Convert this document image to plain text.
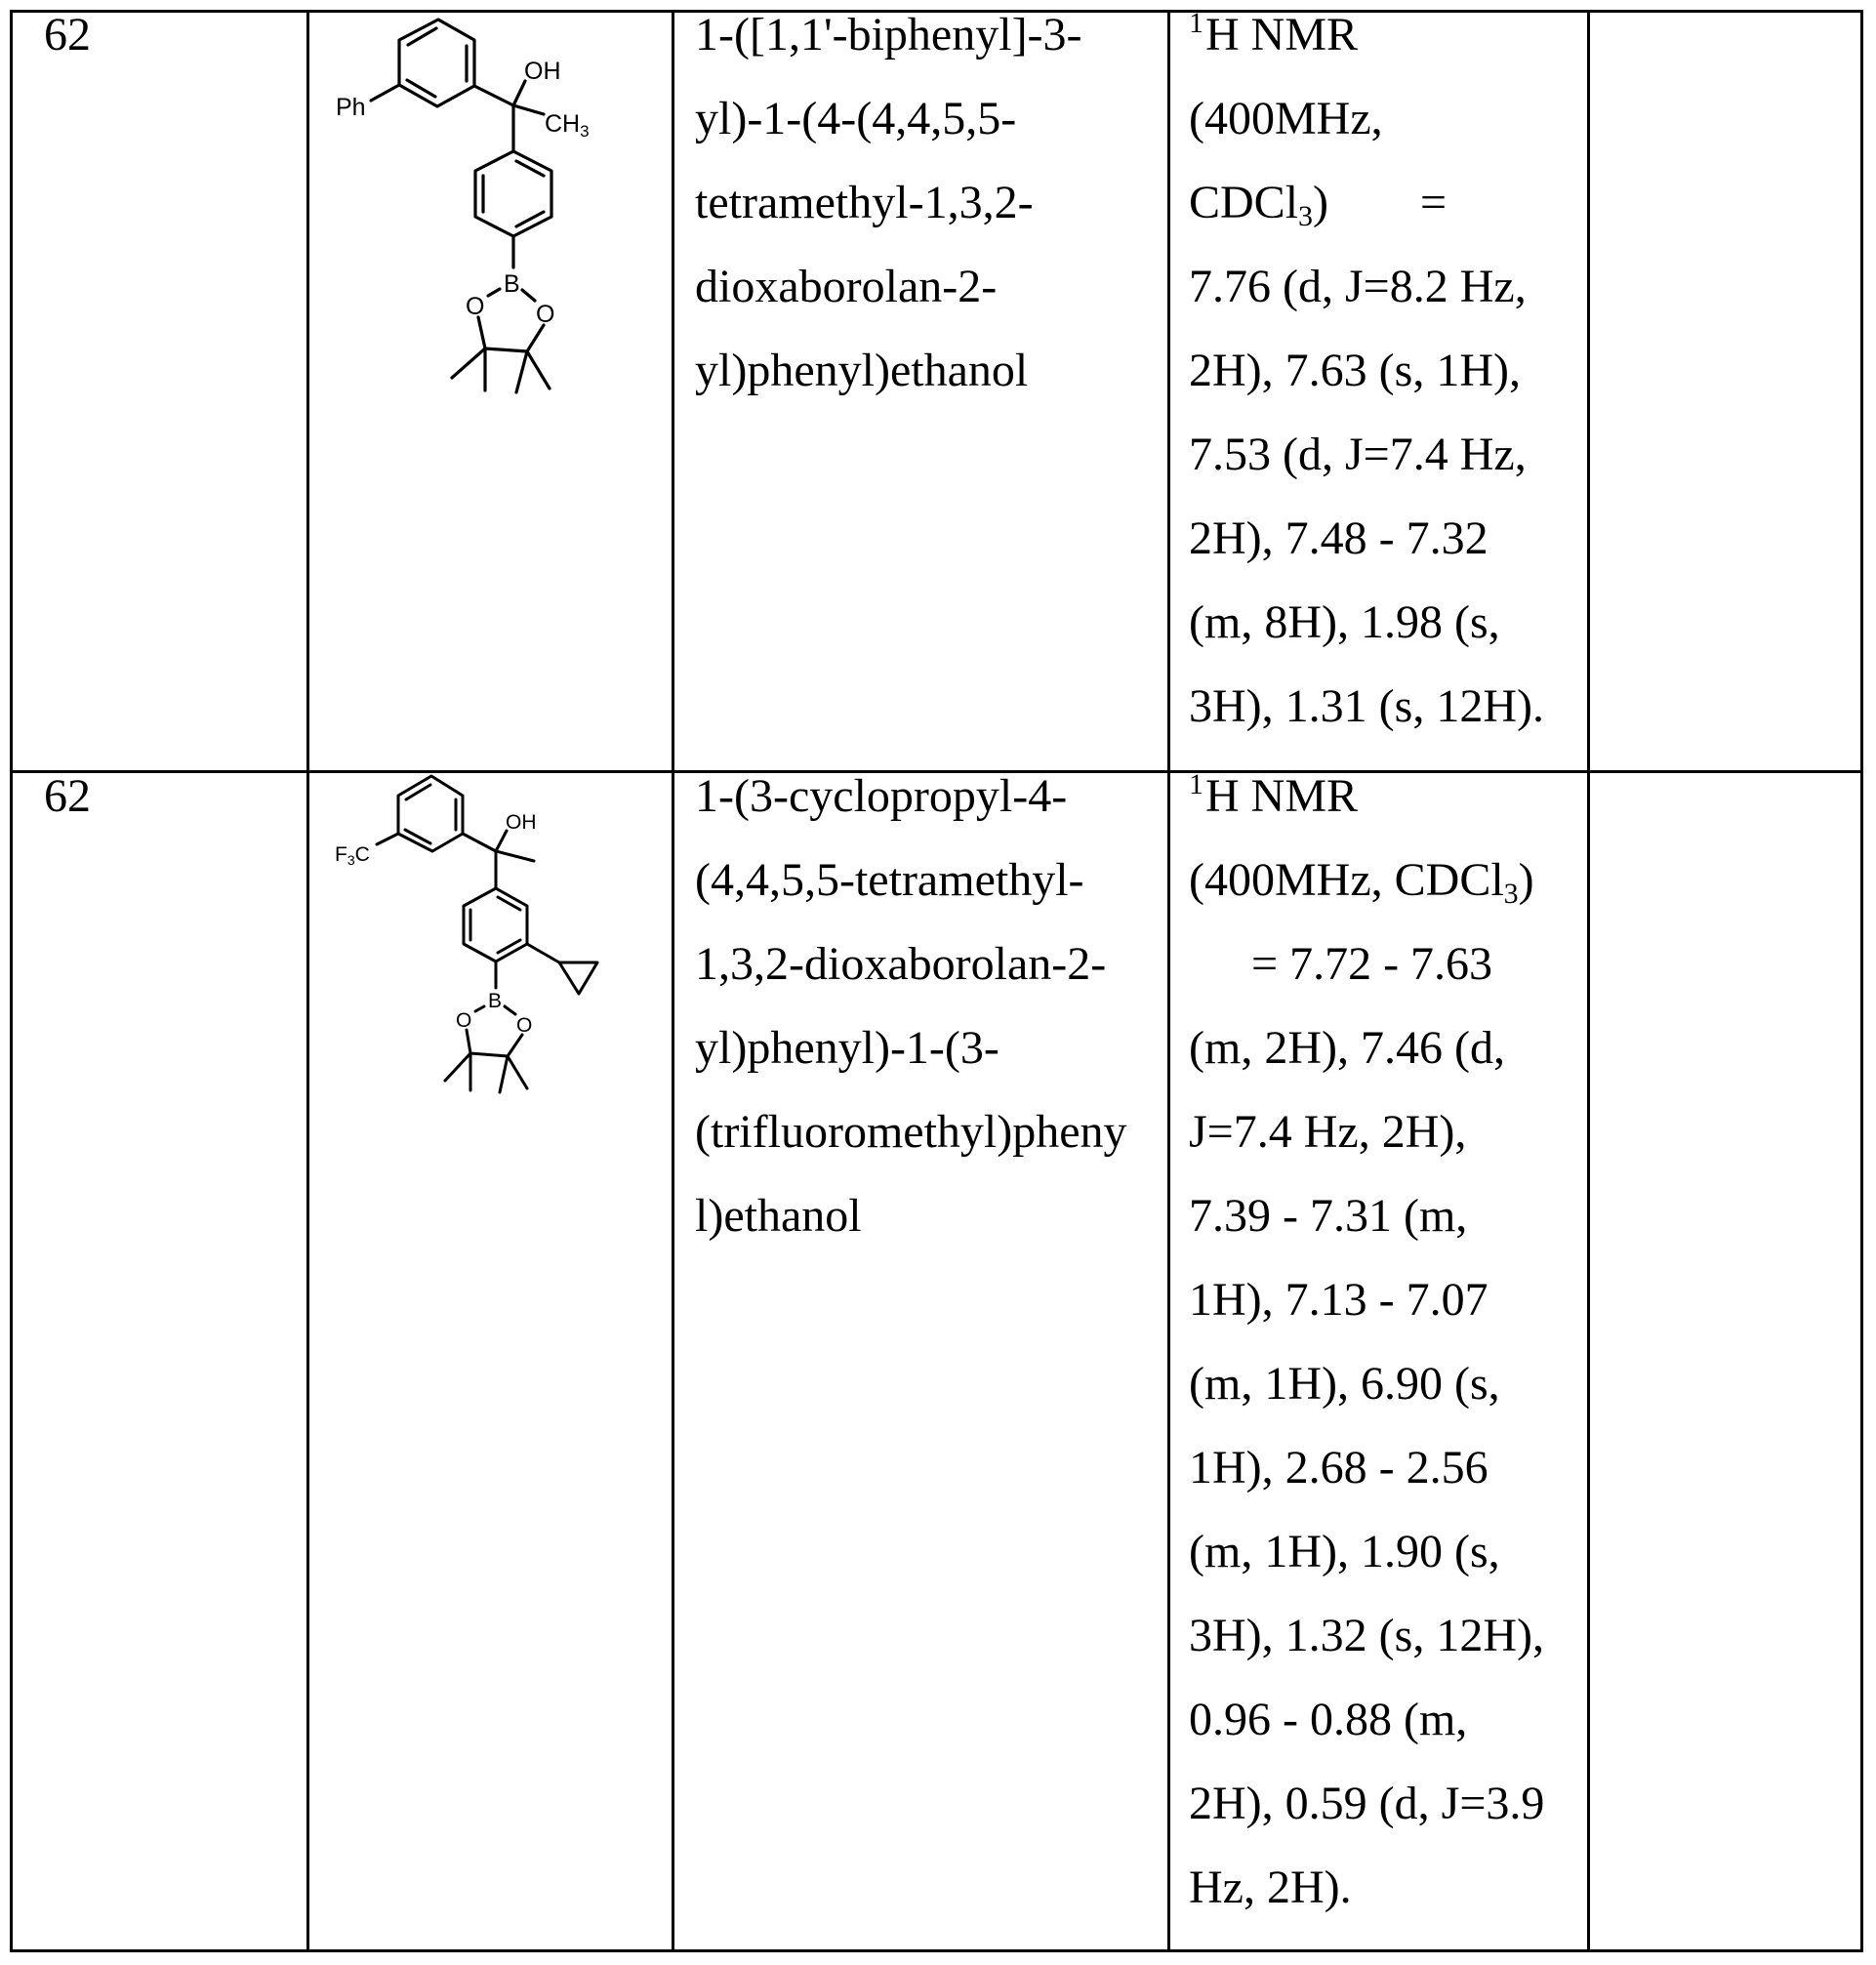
62	1-([1,1'-biphenyl]-3-
yl)-1-(4-(4,4,5,5-
tetramethyl-1,3,2-
dioxaborolan-2-
yl)phenyl)ethanol
$^1$H NMR
(400MHz,
CDCl$_3$) =
7.76 (d, J=8.2 Hz,
2H), 7.63 (s, 1H),
7.53 (d, J=7.4 Hz,
2H), 7.48 - 7.32
(m, 8H), 1.98 (s,
3H), 1.31 (s, 12H).
62	1-(3-cyclopropyl-4-
(4,4,5,5-tetramethyl-
1,3,2-dioxaborolan-2-
yl)phenyl)-1-(3-
(trifluoromethyl)pheny
l)ethanol
$^1$H NMR
(400MHz, CDCl$_3$)
= 7.72 - 7.63
(m, 2H), 7.46 (d,
J=7.4 Hz, 2H),
7.39 - 7.31 (m,
1H), 7.13 - 7.07
(m, 1H), 6.90 (s,
1H), 2.68 - 2.56
(m, 1H), 1.90 (s,
3H), 1.32 (s, 12H),
0.96 - 0.88 (m,
2H), 0.59 (d, J=3.9
Hz, 2H).
Ph
OH
$CH_3$
B
O O
F3C
OH
B
O O
